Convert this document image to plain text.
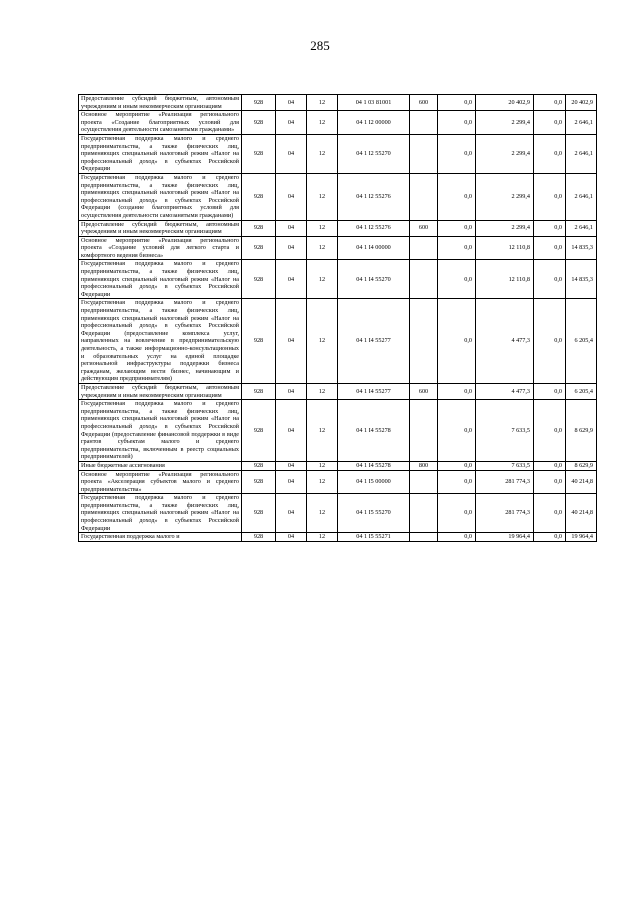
285
Предоставление субсидий бюджетным, автономным учреждениям и иным некоммерческим организациям	928	04	12	04 1 03 81001	600	0,0	20 402,9	0,0	20 402,9
Основное мероприятие «Реализация регионального проекта «Создание благоприятных условий для осуществления деятельности самозанятыми гражданами»	928	04	12	04 1 I2 00000		0,0	2 299,4	0,0	2 646,1
Государственная поддержка малого и среднего предпринимательства, а также физических лиц, применяющих специальный налоговый режим «Налог на профессиональный доход» в субъектах Российской Федерации	928	04	12	04 1 I2 55270		0,0	2 299,4	0,0	2 646,1
Государственная поддержка малого и среднего предпринимательства, а также физических лиц, применяющих специальный налоговый режим «Налог на профессиональный доход» в субъектах Российской Федерации (создание благоприятных условий для осуществления деятельности самозанятыми гражданами)	928	04	12	04 1 I2 55276		0,0	2 299,4	0,0	2 646,1
Предоставление субсидий бюджетным, автономным учреждениям и иным некоммерческим организациям	928	04	12	04 1 I2 55276	600	0,0	2 299,4	0,0	2 646,1
Основное мероприятие «Реализация регионального проекта «Создание условий для легкого старта и комфортного ведения бизнеса»	928	04	12	04 1 I4 00000		0,0	12 110,8	0,0	14 835,3
Государственная поддержка малого и среднего предпринимательства, а также физических лиц, применяющих специальный налоговый режим «Налог на профессиональный доход» в субъектах Российской Федерации	928	04	12	04 1 I4 55270		0,0	12 110,8	0,0	14 835,3
Государственная поддержка малого и среднего предпринимательства, а также физических лиц, применяющих специальный налоговый режим «Налог на профессиональный доход» в субъектах Российской Федерации (предоставление комплекса услуг, направленных на вовлечение в предпринимательскую деятельность, а также информационно-консультационных и образовательных услуг на единой площадке региональной инфраструктуры поддержки бизнеса гражданам, желающим вести бизнес, начинающим и действующим предпринимателям)	928	04	12	04 1 I4 55277		0,0	4 477,3	0,0	6 205,4
Предоставление субсидий бюджетным, автономным учреждениям и иным некоммерческим организациям	928	04	12	04 1 I4 55277	600	0,0	4 477,3	0,0	6 205,4
Государственная поддержка малого и среднего предпринимательства, а также физических лиц, применяющих специальный налоговый режим «Налог на профессиональный доход» в субъектах Российской Федерации (предоставление финансовой поддержки в виде грантов субъектам малого и среднего предпринимательства, включенным в реестр социальных предпринимателей)	928	04	12	04 1 I4 55278		0,0	7 633,5	0,0	8 629,9
Иные бюджетные ассигнования	928	04	12	04 1 I4 55278	800	0,0	7 633,5	0,0	8 629,9
Основное мероприятие «Реализация регионального проекта «Акселерация субъектов малого и среднего предпринимательства»	928	04	12	04 1 I5 00000		0,0	281 774,3	0,0	40 214,8
Государственная поддержка малого и среднего предпринимательства, а также физических лиц, применяющих специальный налоговый режим «Налог на профессиональный доход» в субъектах Российской Федерации	928	04	12	04 1 I5 55270		0,0	281 774,3	0,0	40 214,8
Государственная поддержка малого и	928	04	12	04 1 I5 55271		0,0	19 964,4	0,0	19 964,4
